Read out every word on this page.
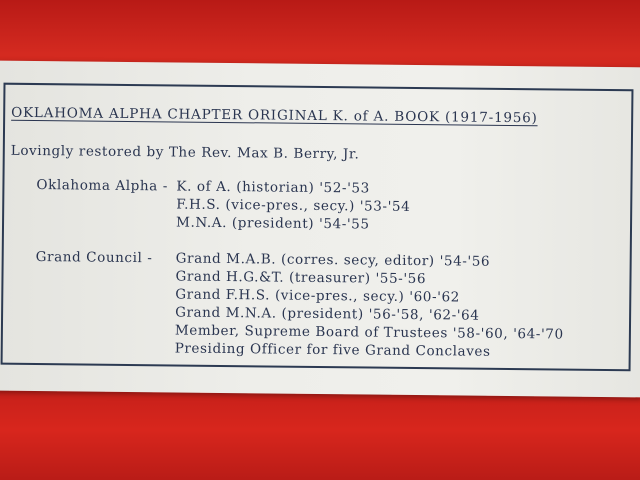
OKLAHOMA ALPHA CHAPTER ORIGINAL K. of A. BOOK (1917-1956)
Lovingly restored by The Rev. Max B. Berry, Jr.
Oklahoma Alpha - K. of A. (historian) '52-'53
F.H.S. (vice-pres., secy.) '53-'54
M.N.A. (president) '54-'55
Grand Council - Grand M.A.B. (corres. secy, editor) '54-'56
Grand H.G.&T. (treasurer) '55-'56
Grand F.H.S. (vice-pres., secy.) '60-'62
Grand M.N.A. (president) '56-'58, '62-'64
Member, Supreme Board of Trustees '58-'60, '64-'70
Presiding Officer for five Grand Conclaves
